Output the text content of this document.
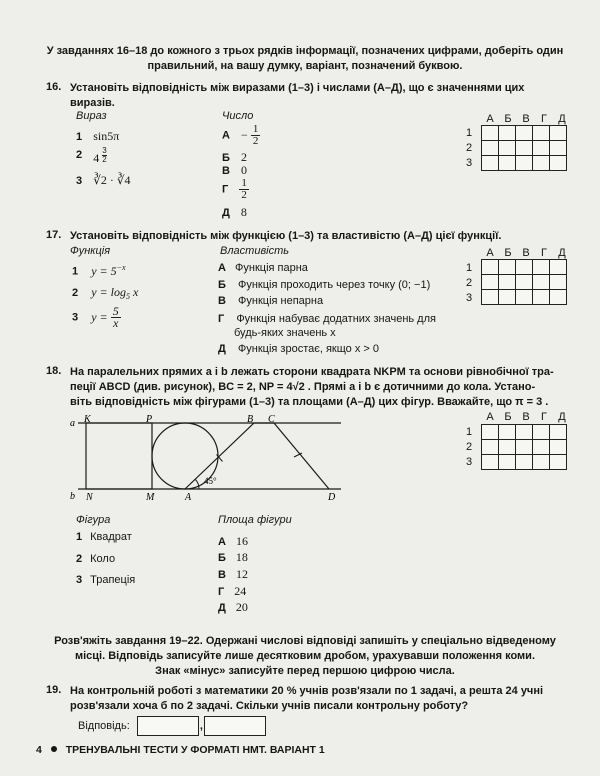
У завданнях 16–18 до кожного з трьох рядків інформації, позначених цифрами, доберіть один правильний, на вашу думку, варіант, позначений буквою.
16. Установіть відповідність між виразами (1–3) і числами (А–Д), що є значеннями цих виразів.
Вираз	Число
1 sin5π
2 $4 \frac{3}{2}$
3 ∛2 · ∛4
$А - \frac{1}{2}$
Б 2
В 0
Г $\frac{1}{2}$
Д 8
А Б В	Г	Д
1
2
3

17. Установіть відповідність між функцією (1–3) та властивістю (А–Д) цієї функції.
Функція	Властивість
1 $y = 5^{-x}$
2 $y = \log_5 x$
3 $y = \frac{5}{x}$
А Функція парна
Б Функція проходить через точку (0; −1)
В Функція непарна
Г Функція набуває додатних значень для
будь-яких значень x
Д Функція зростає, якщо x > 0
А Б В	Г	Д
1
2
3

18. На паралельних прямих a і b лежать сторони квадрата NKPM та основи рівнобічної тра-
пеції ABCD (див. рисунок), BC = 2, NP = 4√2 . Прямі a і b є дотичними до кола. Устано-
віть відповідність між фігурами (1–3) та площами (А–Д) цих фігур. Вважайте, що π = 3 .
a K	P	B C
b N	M	A	D
45°
А Б В	Г	Д
1
2
3

Фігура	Площа фігури
1 Квадрат
2 Коло
3 Трапеція
А 16
Б 18
В 12
Г 24
Д 20
Розв'яжіть завдання 19–22. Одержані числові відповіді запишіть у спеціально відведеному
місці. Відповідь записуйте лише десятковим дробом, урахувавши положення коми.
Знак «мінус» записуйте перед першою цифрою числа.
19. На контрольній роботі з математики 20 % учнів розв'язали по 1 задачі, а решта 24 учні
розв'язали хоча б по 2 задачі. Скільки учнів писали контрольну роботу?
Відповідь:	,
4 ТРЕНУВАЛЬНІ ТЕСТИ У ФОРМАТІ НМТ. ВАРІАНТ 1
